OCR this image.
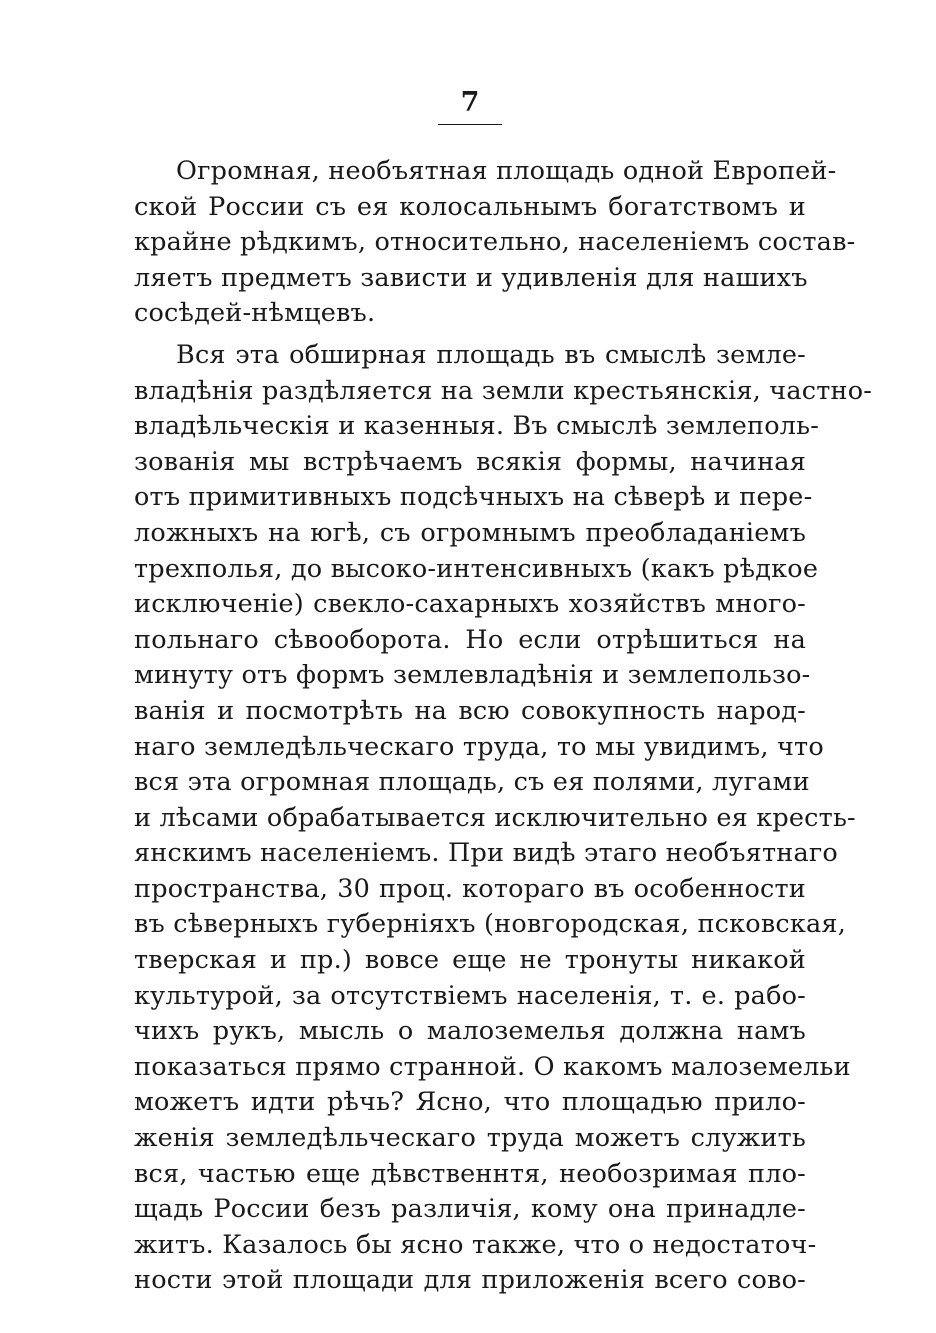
7
Огромная, необъятная площадь одной Европей-
ской России съ ея колосальнымъ богатствомъ и
крайне рѣдкимъ, относительно, населенiемъ состав-
ляетъ предметъ зависти и удивленiя для нашихъ
сосѣдей-нѣмцевъ.
Вся эта обширная площадь въ смыслѣ земле-
владѣнiя раздѣляется на земли крестьянскiя, частно-
владѣльческiя и казенныя. Въ смыслѣ землеполь-
зованiя мы встрѣчаемъ всякiя формы, начиная
отъ примитивныхъ подсѣчныхъ на сѣверѣ и пере-
ложныхъ на югѣ, съ огромнымъ преобладанiемъ
трехполья, до высоко-интенсивныхъ (какъ рѣдкое
исключенiе) свекло-сахарныхъ хозяйствъ много-
польнаго сѣвооборота. Но если отрѣшиться на
минуту отъ формъ землевладѣнiя и землепользо-
ванiя и посмотрѣть на всю совокупность народ-
наго земледѣльческаго труда, то мы увидимъ, что
вся эта огромная площадь, съ ея полями, лугами
и лѣсами обрабатывается исключительно ея кресть-
янскимъ населенiемъ. При видѣ этаго необъятнаго
пространства, 30 проц. котораго въ особенности
въ сѣверныхъ губернiяхъ (новгородская, псковская,
тверская и пр.) вовсе еще не тронуты никакой
культурой, за отсутствiемъ населенiя, т. е. рабо-
чихъ рукъ, мысль о малоземелья должна намъ
показаться прямо странной. О какомъ малоземельи
можетъ идти рѣчь? Ясно, что площадью прило-
женiя земледѣльческаго труда можетъ служить
вся, частью еще дѣвственнтя, необозримая пло-
щадь России безъ различiя, кому она принадле-
житъ. Казалось бы ясно также, что о недостаточ-
ности этой площади для приложенiя всего сово-
